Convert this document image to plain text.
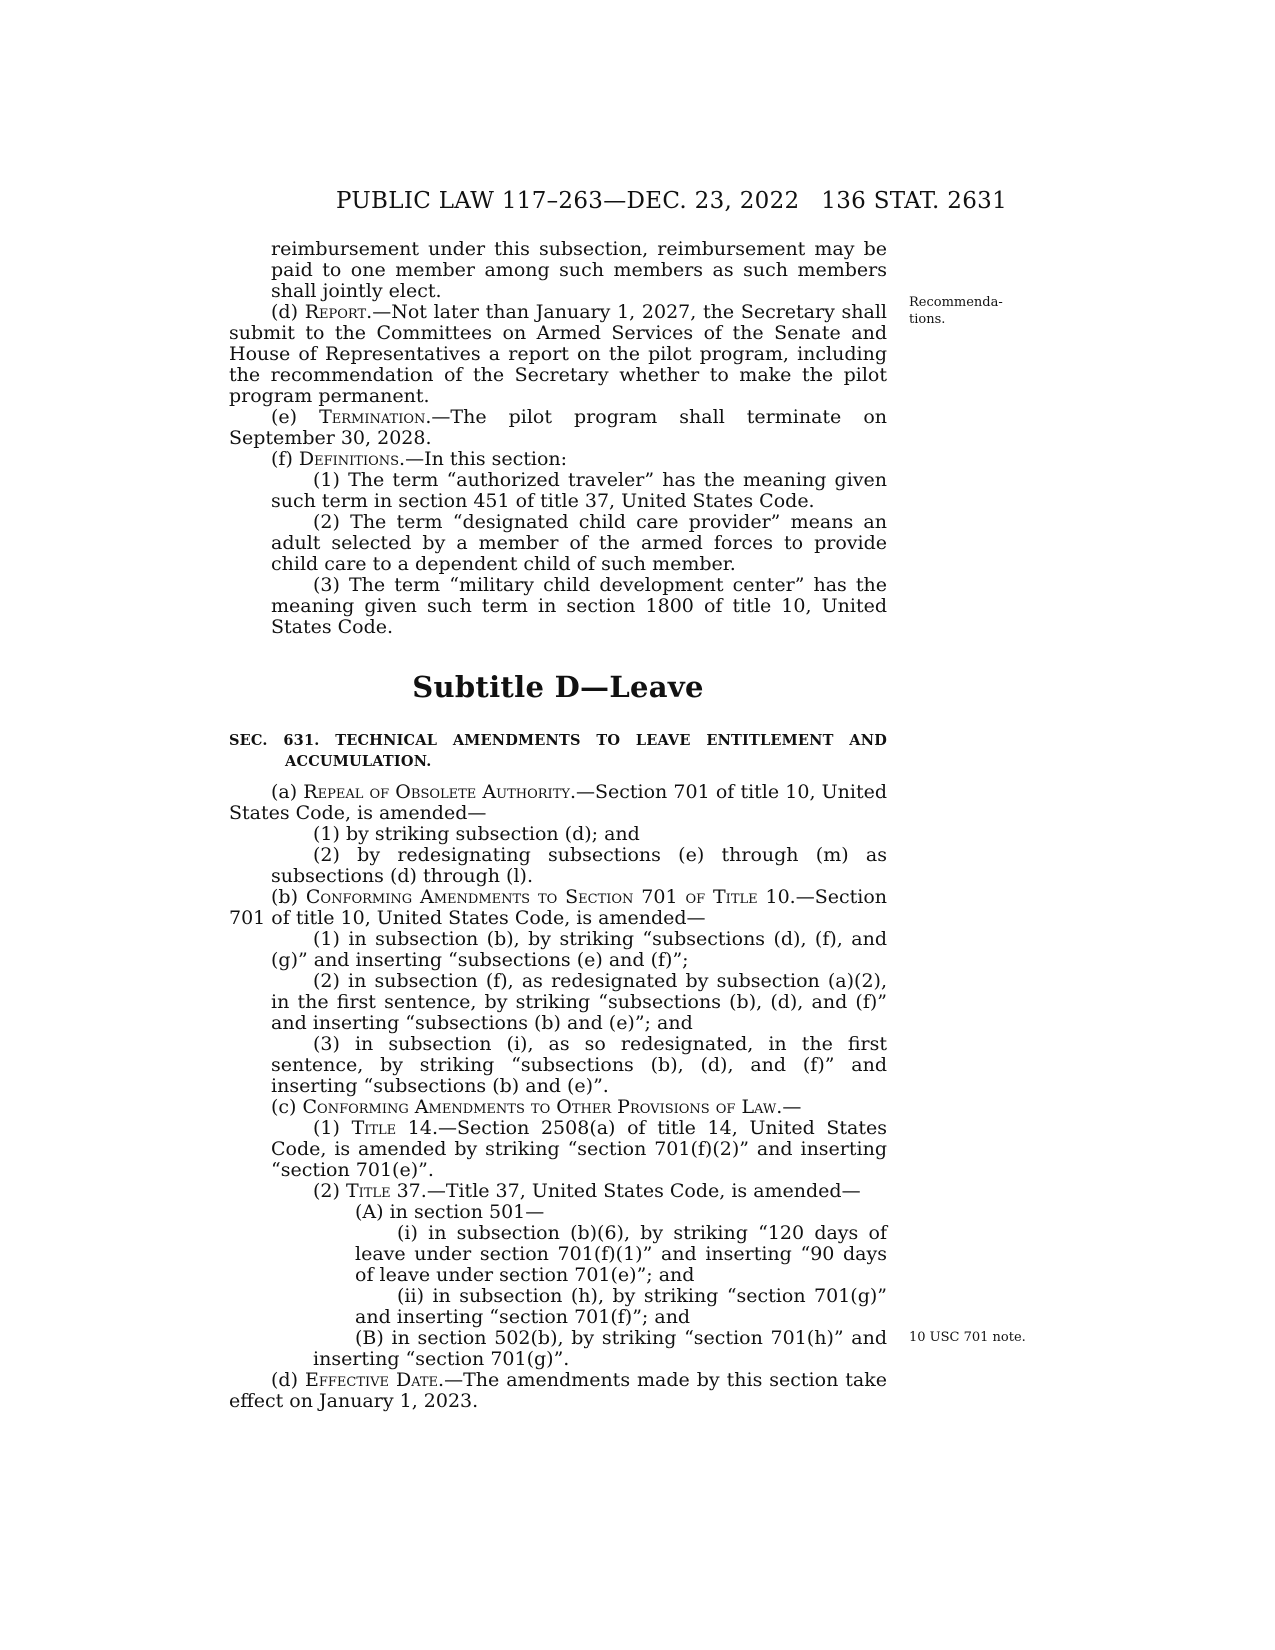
PUBLIC LAW 117–263—DEC. 23, 2022 136 STAT. 2631
Recommenda-tions.
10 USC 701 note.

reimbursement under this subsection, reimbursement may be paid to one member among such members as such members shall jointly elect.

(d) Report.—Not later than January 1, 2027, the Secretary shall submit to the Committees on Armed Services of the Senate and House of Representatives a report on the pilot program, including the recommendation of the Secretary whether to make the pilot program permanent.

(e) Termination.—The pilot program shall terminate on September 30, 2028.

(f) Definitions.—In this section:

(1) The term “authorized traveler” has the meaning given such term in section 451 of title 37, United States Code.

(2) The term “designated child care provider” means an adult selected by a member of the armed forces to provide child care to a dependent child of such member.

(3) The term “military child development center” has the meaning given such term in section 1800 of title 10, United States Code.

Subtitle D—Leave
SEC. 631. TECHNICAL AMENDMENTS TO LEAVE ENTITLEMENT AND ACCUMULATION.

(a) Repeal of Obsolete Authority.—Section 701 of title 10, United States Code, is amended—

(1) by striking subsection (d); and

(2) by redesignating subsections (e) through (m) as subsections (d) through (l).

(b) Conforming Amendments to Section 701 of Title 10.—Section 701 of title 10, United States Code, is amended—

(1) in subsection (b), by striking “subsections (d), (f), and (g)” and inserting “subsections (e) and (f)”;

(2) in subsection (f), as redesignated by subsection (a)(2), in the first sentence, by striking “subsections (b), (d), and (f)” and inserting “subsections (b) and (e)”; and

(3) in subsection (i), as so redesignated, in the first sentence, by striking “subsections (b), (d), and (f)” and inserting “subsections (b) and (e)”.

(c) Conforming Amendments to Other Provisions of Law.—

(1) Title 14.—Section 2508(a) of title 14, United States Code, is amended by striking “section 701(f)(2)” and inserting “section 701(e)”.

(2) Title 37.—Title 37, United States Code, is amended—

(A) in section 501—

(i) in subsection (b)(6), by striking “120 days of leave under section 701(f)(1)” and inserting “90 days of leave under section 701(e)”; and

(ii) in subsection (h), by striking “section 701(g)” and inserting “section 701(f)”; and

(B) in section 502(b), by striking “section 701(h)” and inserting “section 701(g)”.

(d) Effective Date.—The amendments made by this section take effect on January 1, 2023.
